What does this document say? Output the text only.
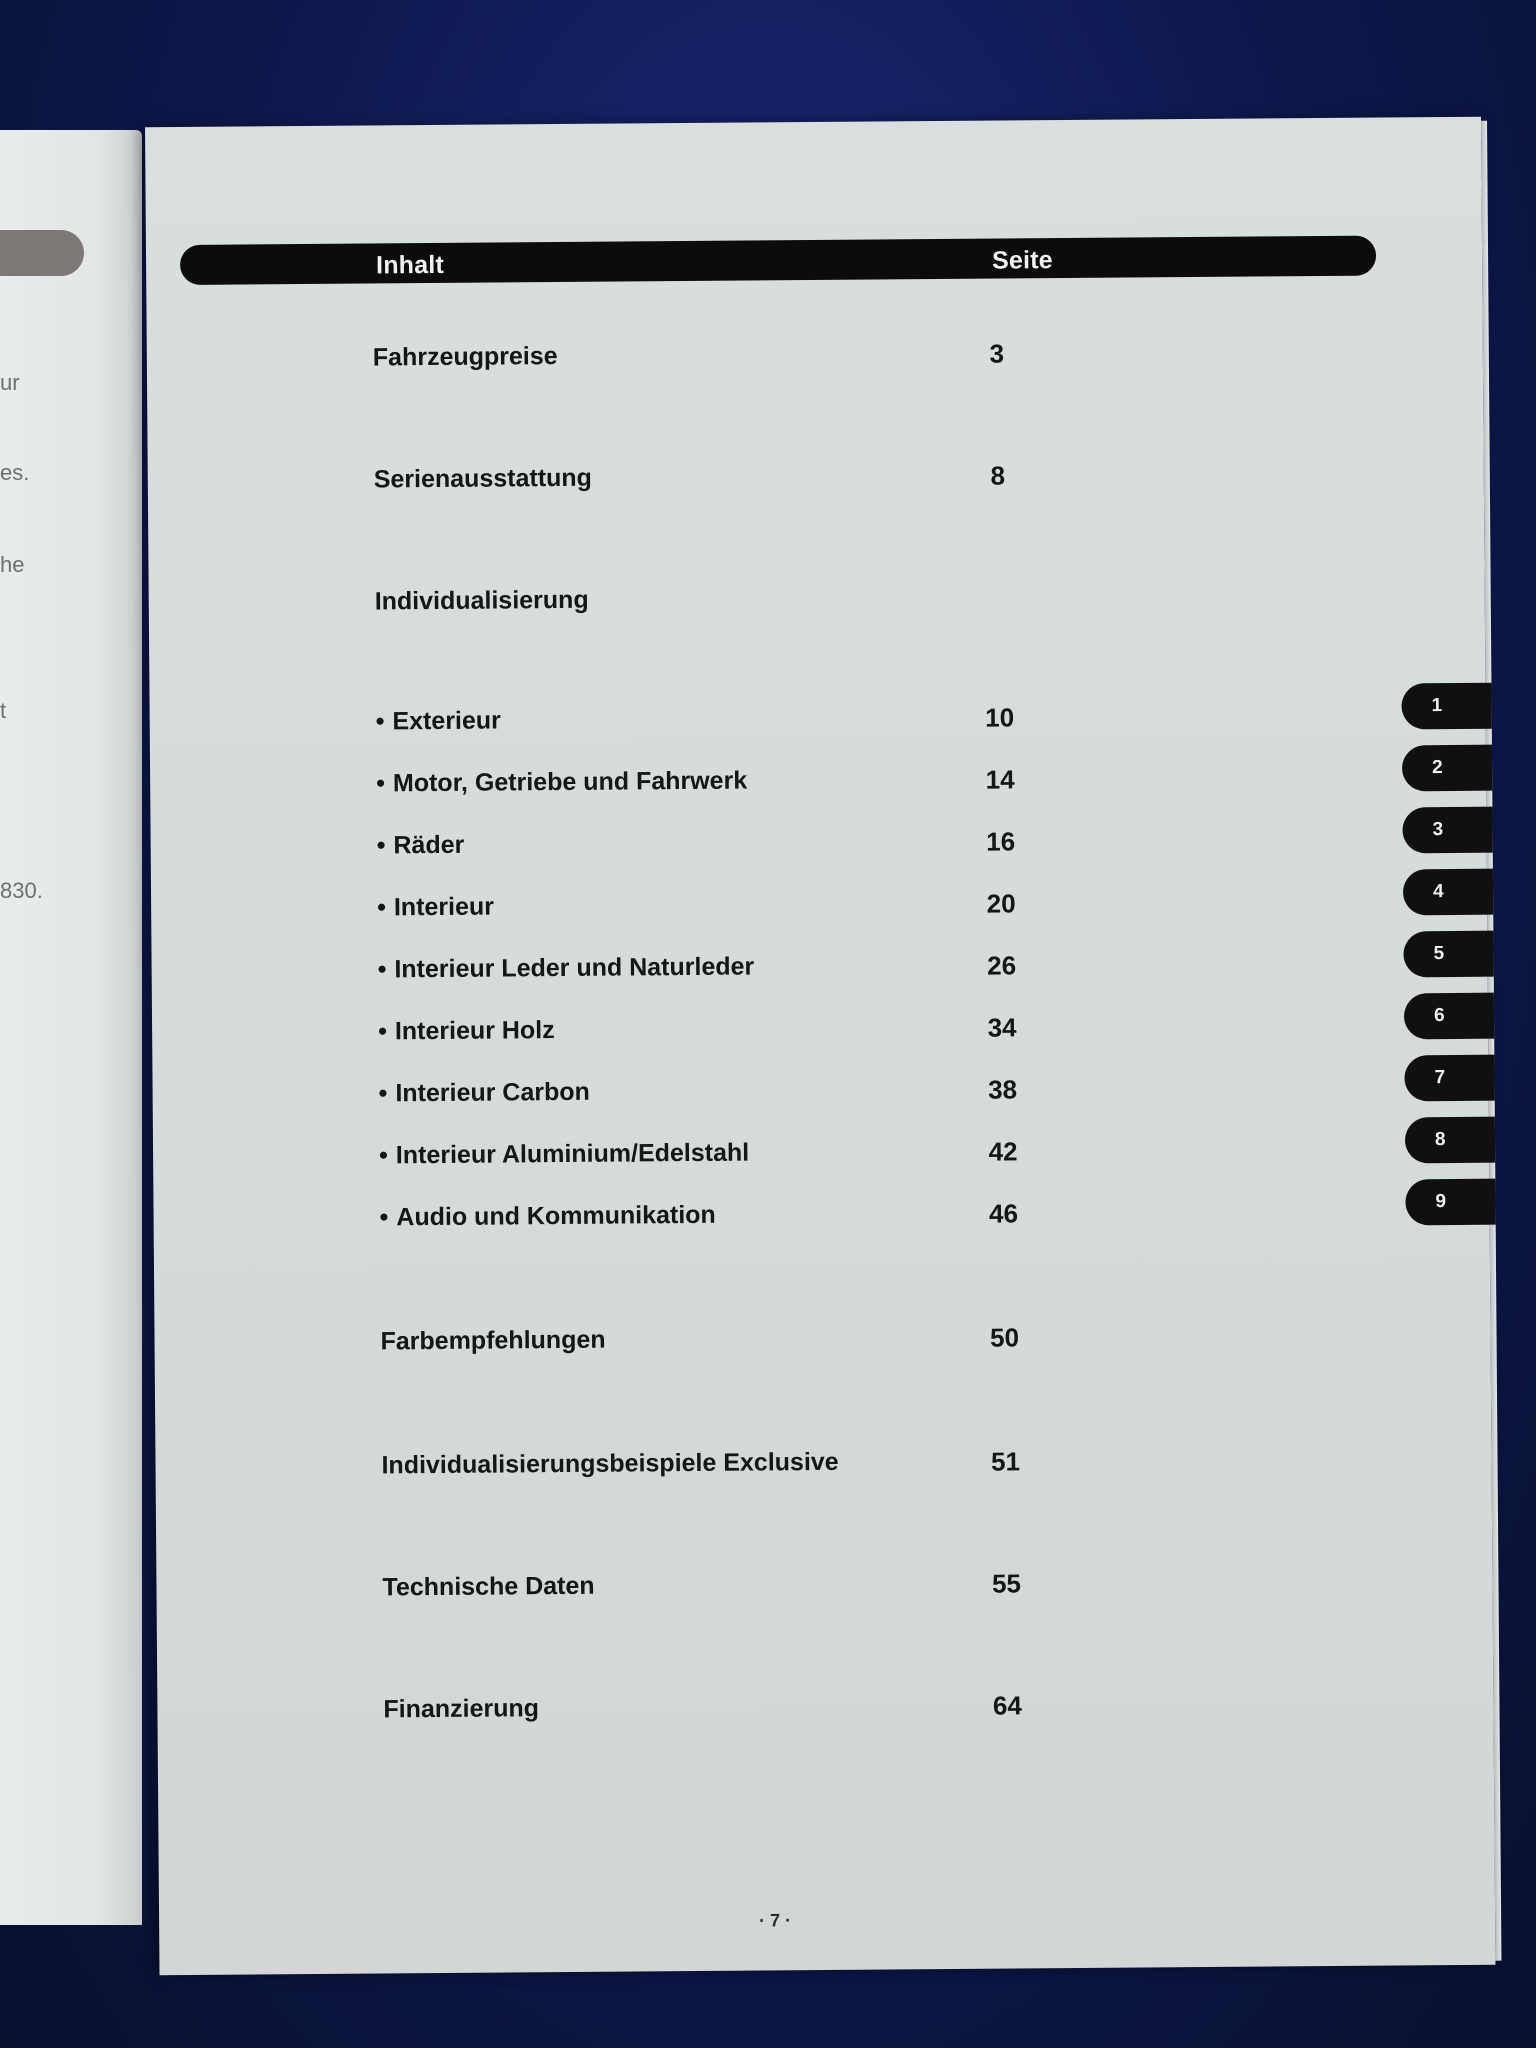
ur
es.
he
t
830.
Inhalt	Seite
Fahrzeugpreise	3
Serienausstattung	8
Individualisierung
• Exterieur	10
• Motor, Getriebe und Fahrwerk	14
• Räder	16
• Interieur	20
• Interieur Leder und Naturleder	26
• Interieur Holz	34
• Interieur Carbon	38
• Interieur Aluminium/Edelstahl	42
• Audio und Kommunikation	46
Farbempfehlungen	50
Individualisierungsbeispiele Exclusive	51
Technische Daten	55
Finanzierung	64
1
2
3
4
5
6
7
8
9
· 7 ·
